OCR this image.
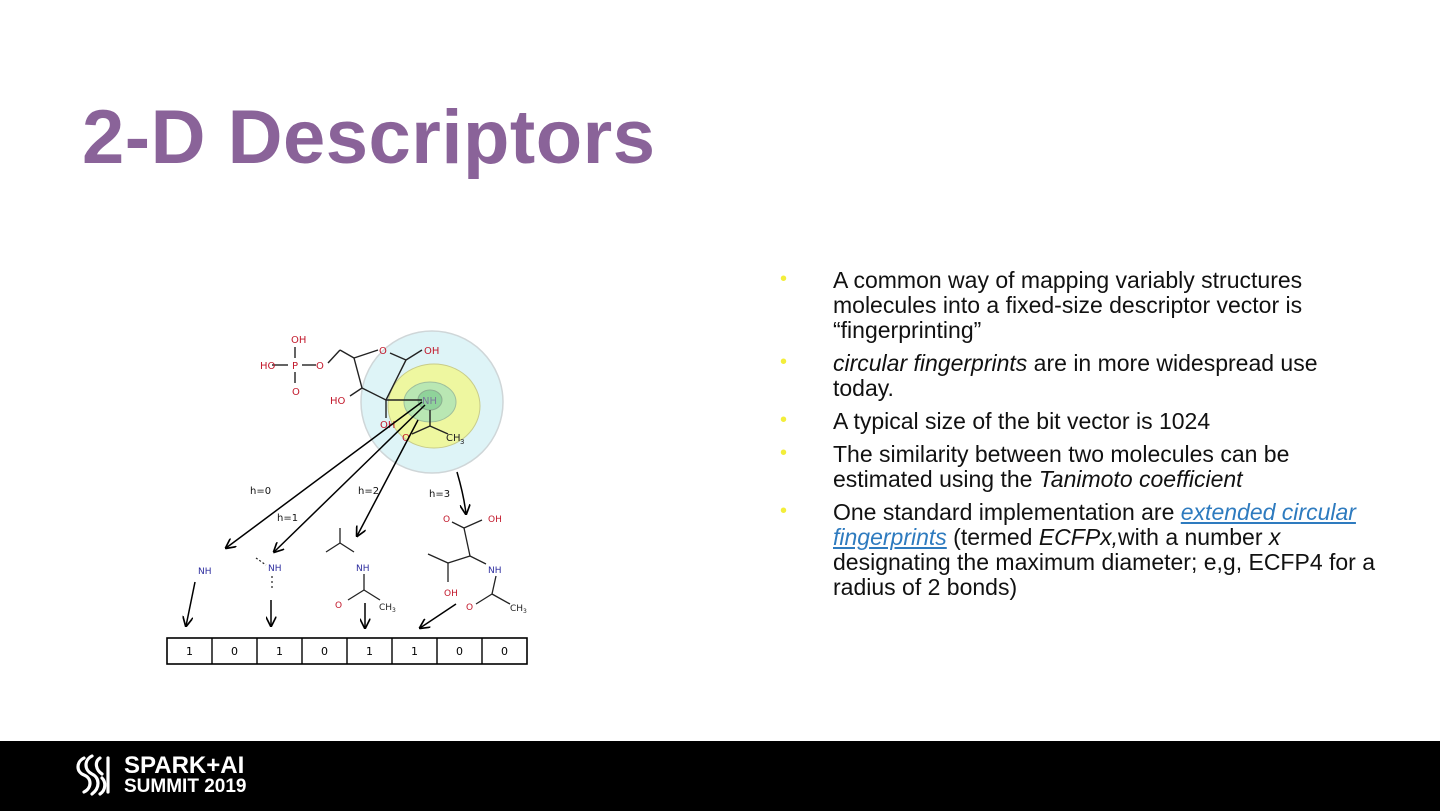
2-D Descriptors
OH
HO P O
O
O	OH
HO	NH
OH
O	CH 3
h=0
h=1
h=2	h=3
NH	NH	NH
O	CH 3
O	OH
NH
OH
O	CH 3
1	0	1	0	1	1	0	0
• A common way of mapping variably structures molecules into a fixed-size descriptor vector is “fingerprinting”
• circular fingerprints are in more widespread use today.
• A typical size of the bit vector is 1024
• The similarity between two molecules can be estimated using the Tanimoto coefficient
• One standard implementation are extended circular fingerprints (termed ECFPx,with a number x designating the maximum diameter; e,g, ECFP4 for a radius of 2 bonds)
SPARK+AI
SUMMIT 2019
